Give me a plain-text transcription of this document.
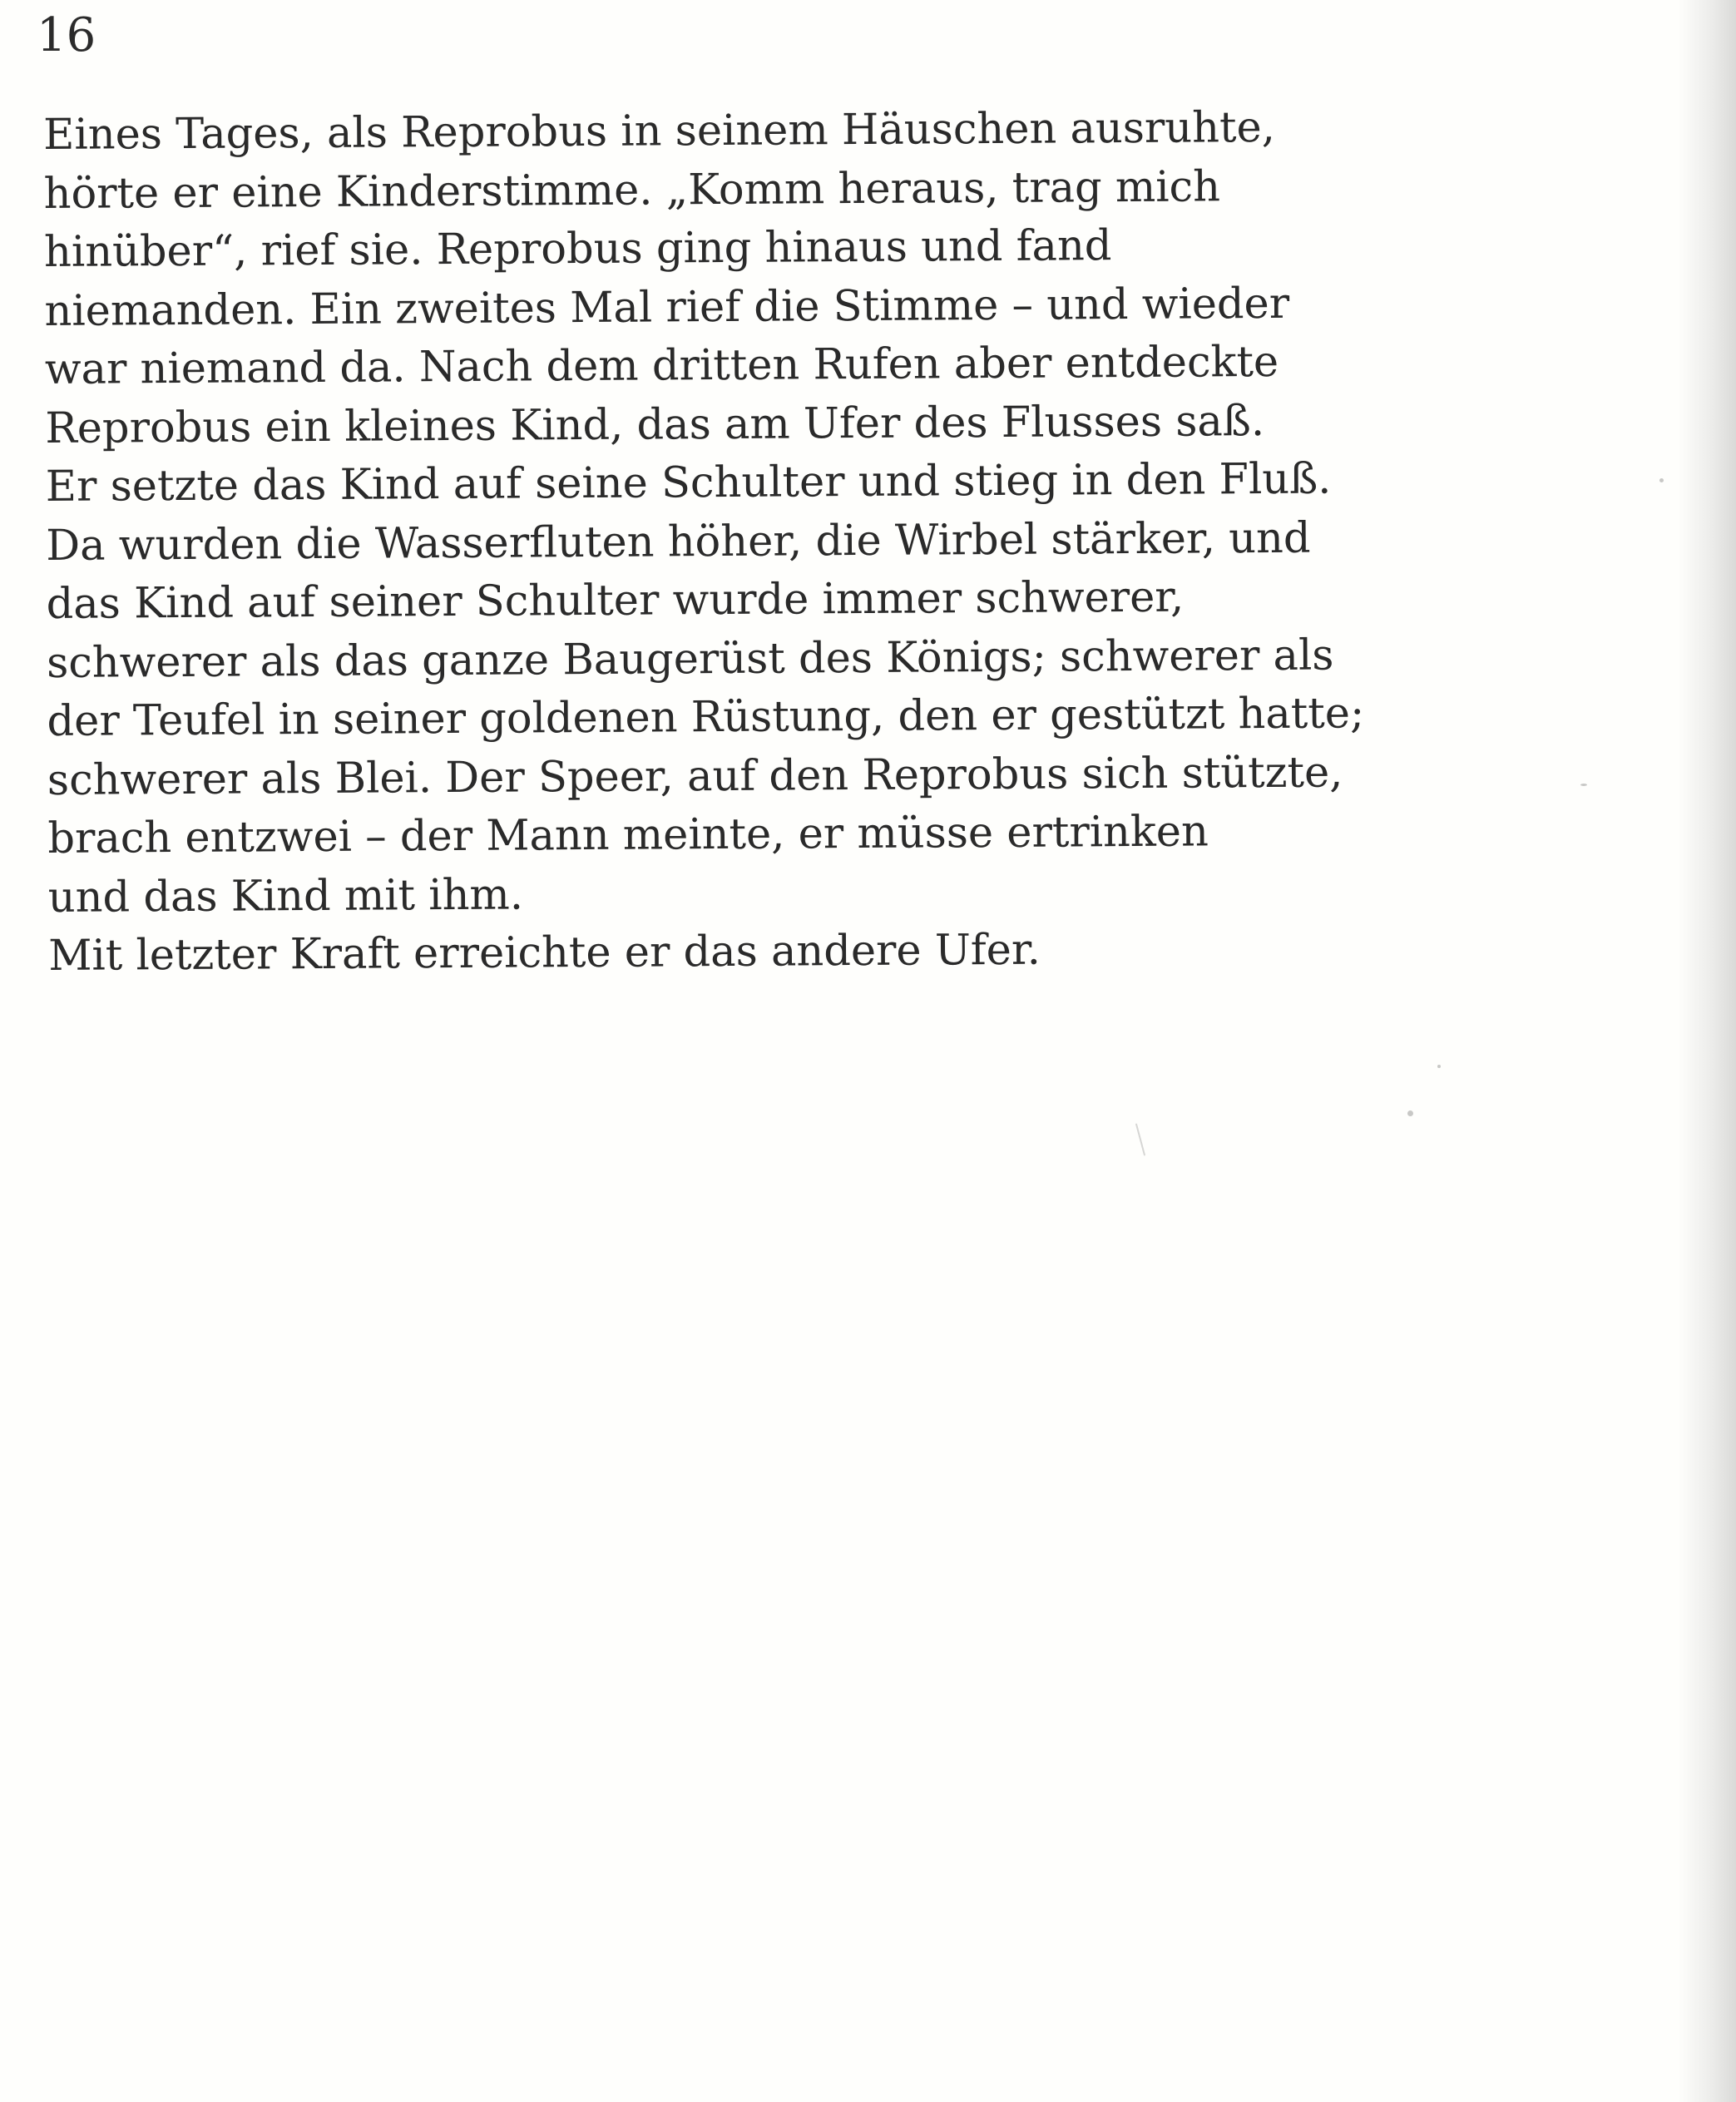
16
Eines Tages, als Reprobus in seinem Häuschen ausruhte,
hörte er eine Kinderstimme. „Komm heraus, trag mich
hinüber“, rief sie. Reprobus ging hinaus und fand
niemanden. Ein zweites Mal rief die Stimme – und wieder
war niemand da. Nach dem dritten Rufen aber entdeckte
Reprobus ein kleines Kind, das am Ufer des Flusses saß.
Er setzte das Kind auf seine Schulter und stieg in den Fluß.
Da wurden die Wasserfluten höher, die Wirbel stärker, und
das Kind auf seiner Schulter wurde immer schwerer,
schwerer als das ganze Baugerüst des Königs; schwerer als
der Teufel in seiner goldenen Rüstung, den er gestützt hatte;
schwerer als Blei. Der Speer, auf den Reprobus sich stützte,
brach entzwei – der Mann meinte, er müsse ertrinken
und das Kind mit ihm.
Mit letzter Kraft erreichte er das andere Ufer.
